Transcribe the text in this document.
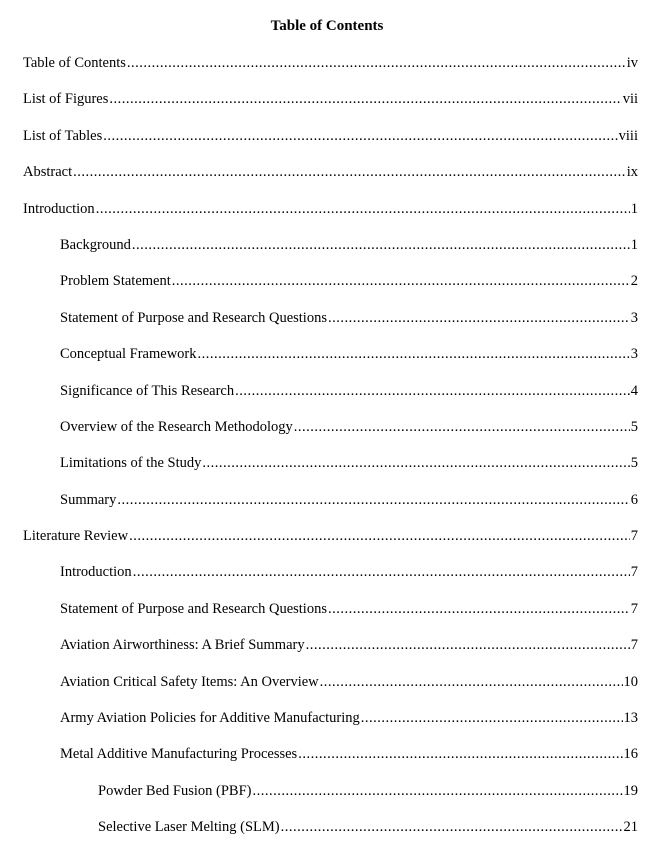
Table of Contents
Table of Contents .....	iv
List of Figures .....	vii
List of Tables .....	viii
Abstract .....	ix
Introduction .....	1
Background .....	1
Problem Statement .....	2
Statement of Purpose and Research Questions .....	3
Conceptual Framework .....	3
Significance of This Research .....	4
Overview of the Research Methodology .....	5
Limitations of the Study .....	5
Summary .....	6
Literature Review .....	7
Introduction .....	7
Statement of Purpose and Research Questions .....	7
Aviation Airworthiness: A Brief Summary .....	7
Aviation Critical Safety Items: An Overview .....	10
Army Aviation Policies for Additive Manufacturing .....	13
Metal Additive Manufacturing Processes .....	16
Powder Bed Fusion (PBF) .....	19
Selective Laser Melting (SLM) .....	21
